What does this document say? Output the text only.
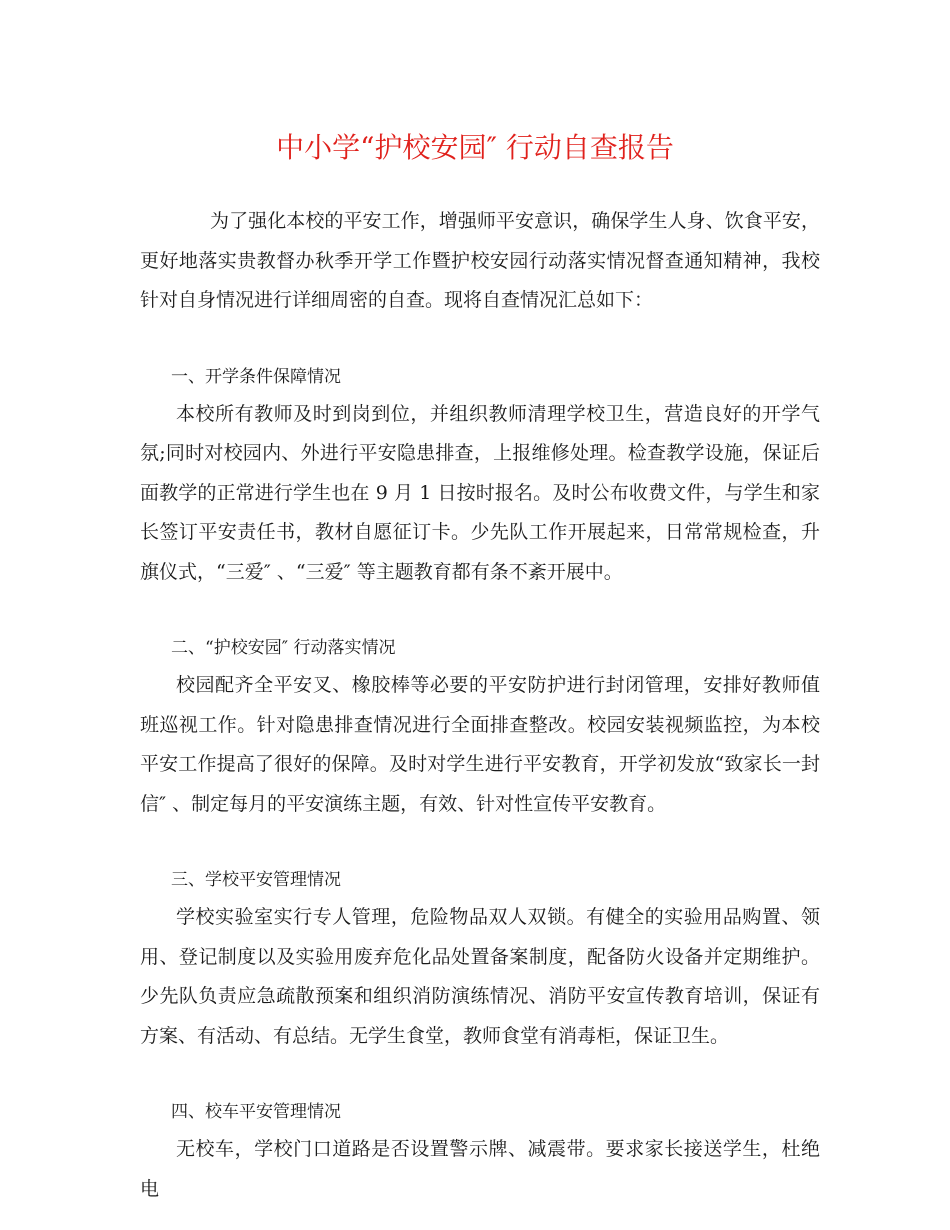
中小学“护校安园″ 行动自查报告

为了强化本校的平安工作，增强师平安意识，确保学生人身、饮食平安，更好地落实贵教督办秋季开学工作暨护校安园行动落实情况督查通知精神，我校针对自身情况进行详细周密的自查。现将自查情况汇总如下：

一、开学条件保障情况

本校所有教师及时到岗到位，并组织教师清理学校卫生，营造良好的开学气氛;同时对校园内、外进行平安隐患排查，上报维修处理。检查教学设施，保证后面教学的正常进行学生也在 9 月 1 日按时报名。及时公布收费文件，与学生和家长签订平安责任书，教材自愿征订卡。少先队工作开展起来，日常常规检查，升旗仪式，“三爱″ 、“三爱″ 等主题教育都有条不紊开展中。

二、“护校安园″ 行动落实情况

校园配齐全平安叉、橡胶棒等必要的平安防护进行封闭管理，安排好教师值班巡视工作。针对隐患排查情况进行全面排查整改。校园安装视频监控，为本校平安工作提高了很好的保障。及时对学生进行平安教育，开学初发放“致家长一封信″ 、制定每月的平安演练主题，有效、针对性宣传平安教育。

三、学校平安管理情况

学校实验室实行专人管理，危险物品双人双锁。有健全的实验用品购置、领用、登记制度以及实验用废弃危化品处置备案制度，配备防火设备并定期维护。少先队负责应急疏散预案和组织消防演练情况、消防平安宣传教育培训，保证有方案、有活动、有总结。无学生食堂，教师食堂有消毒柜，保证卫生。

四、校车平安管理情况

无校车，学校门口道路是否设置警示牌、减震带。要求家长接送学生，杜绝电
